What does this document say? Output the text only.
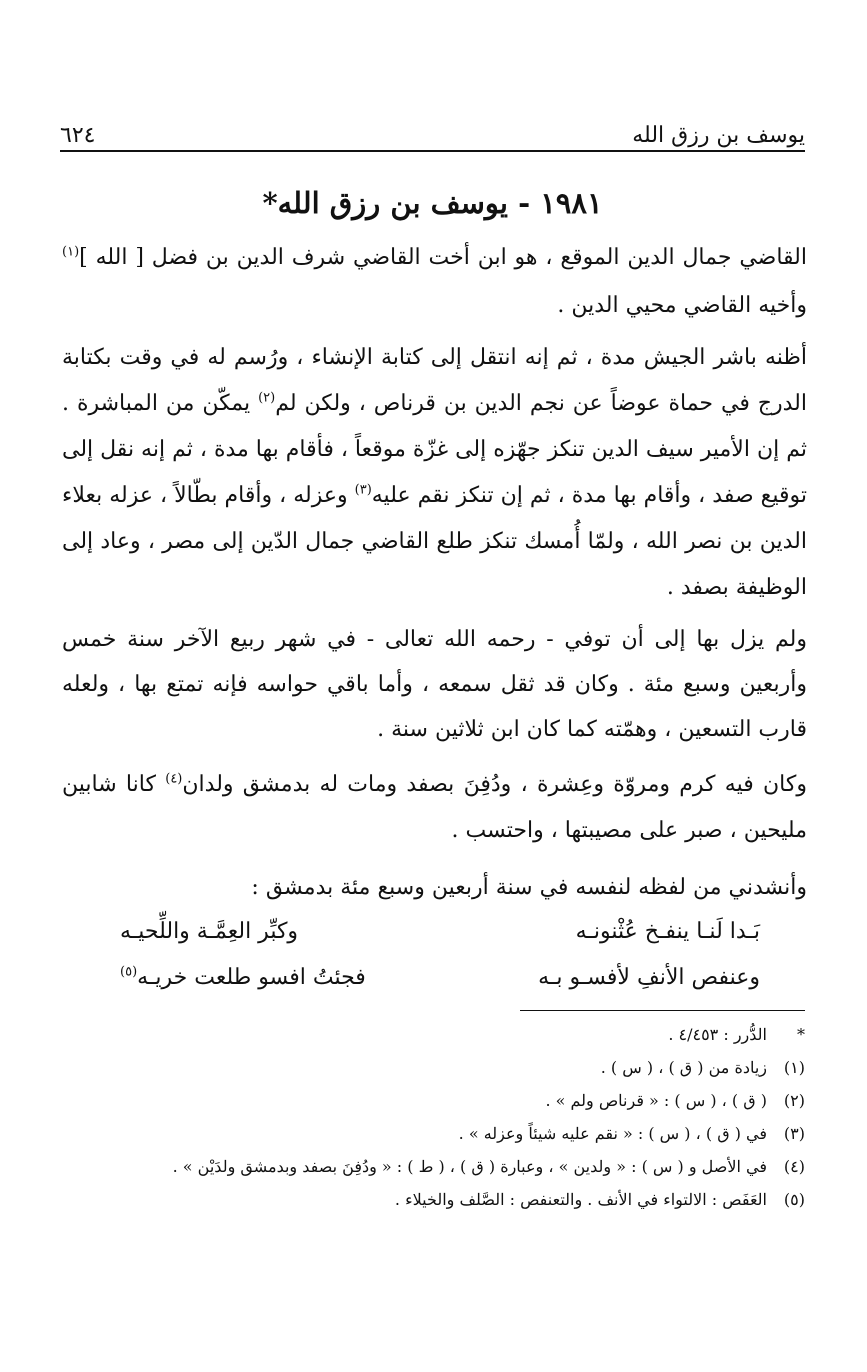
يوسف بن رزق الله
٦٢٤
١٩٨١ - يوسف بن رزق الله*
القاضي جمال الدين الموقع ، هو ابن أخت القاضي شرف الدين بن فضل [ الله ]$^{(١)}$ وأخيه القاضي محيي الدين .
أظنه باشر الجيش مدة ، ثم إنه انتقل إلى كتابة الإنشاء ، ورُسم له في وقت بكتابة الدرج في حماة عوضاً عن نجم الدين بن قرناص ، ولكن لم$^{(٢)}$ يمكّن من المباشرة . ثم إن الأمير سيف الدين تنكز جهّزه إلى غزّة موقعاً ، فأقام بها مدة ، ثم إنه نقل إلى توقيع صفد ، وأقام بها مدة ، ثم إن تنكز نقم عليه$^{(٣)}$ وعزله ، وأقام بطّالاً ، عزله بعلاء الدين بن نصر الله ، ولمّا أُمسك تنكز طلع القاضي جمال الدّين إلى مصر ، وعاد إلى الوظيفة بصفد .
ولم يزل بها إلى أن توفي - رحمه الله تعالى - في شهر ربيع الآخر سنة خمس وأربعين وسبع مئة . وكان قد ثقل سمعه ، وأما باقي حواسه فإنه تمتع بها ، ولعله قارب التسعين ، وهمّته كما كان ابن ثلاثين سنة .
وكان فيه كرم ومروّة وعِشرة ، ودُفِنَ بصفد ومات له بدمشق ولدان$^{(٤)}$ كانا شابين مليحين ، صبر على مصيبتها ، واحتسب .
وأنشدني من لفظه لنفسه في سنة أربعين وسبع مئة بدمشق :
بَـدا لَنـا ينفـخ عُثْنونـه
وكبِّر العِمَّـة واللِّحيـه
وعنفص الأنفِ لأفسـو بـه
فجئتُ افسو طلعت خريـه$^{(٥)}$
*
الدُّرر : ٤/٤٥٣ .
(١)
زيادة من ( ق ) ، ( س ) .
(٢)
( ق ) ، ( س ) : « قرناص ولم » .
(٣)
في ( ق ) ، ( س ) : « نقم عليه شيئاً وعزله » .
(٤)
في الأصل و ( س ) : « ولدين » ، وعبارة ( ق ) ، ( ط ) : « ودُفِنَ بصفد وبدمشق ولدَيْن » .
(٥)
العَفَص : الالتواء في الأنف . والتعنفص : الصَّلف والخيلاء .
